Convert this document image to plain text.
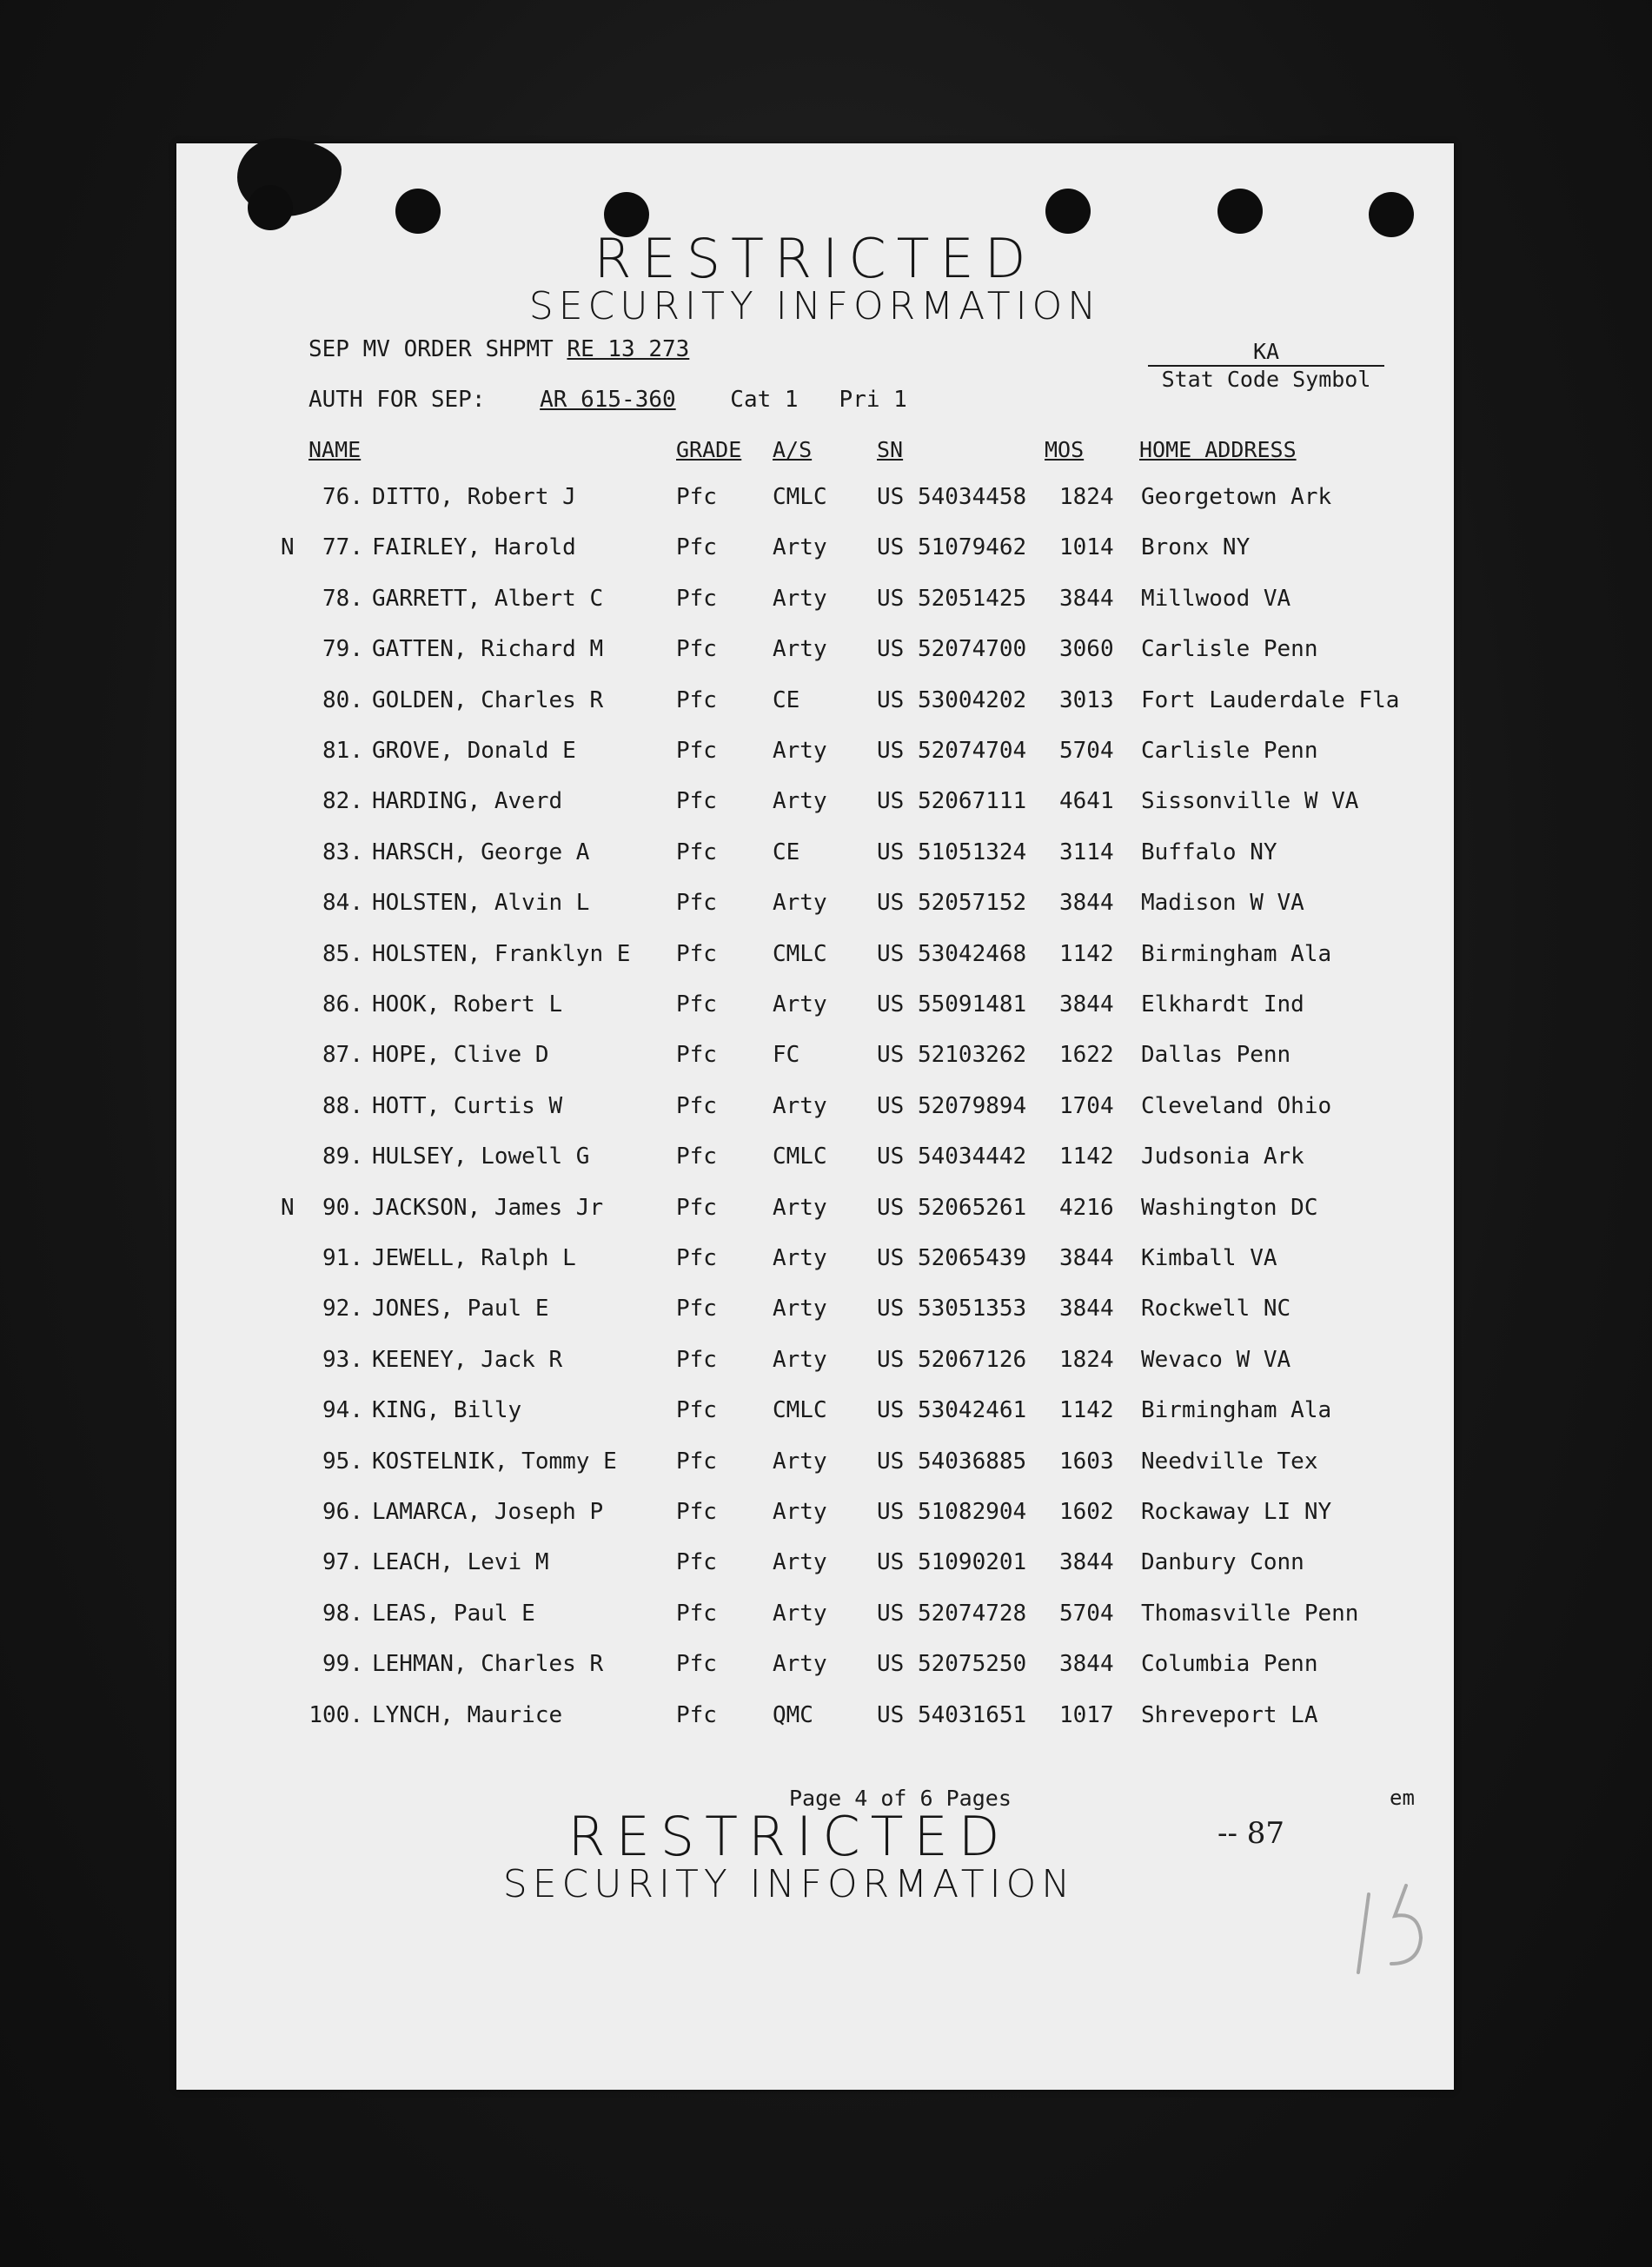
RESTRICTED
SECURITY INFORMATION
SEP MV ORDER SHPMT RE 13 273
AUTH FOR SEP: AR 615-360 Cat 1 Pri 1
KA
Stat Code Symbol
NAME	GRADE A/S	SN	MOS	HOME ADDRESS
76. DITTO, Robert J	Pfc CMLC US 54034458 1824 Georgetown Ark
N	77. FAIRLEY, Harold	Pfc Arty US 51079462 1014 Bronx NY
78. GARRETT, Albert C	Pfc Arty US 52051425 3844 Millwood VA
79. GATTEN, Richard M	Pfc Arty US 52074700 3060 Carlisle Penn
80. GOLDEN, Charles R	Pfc CE	US 53004202 3013 Fort Lauderdale Fla
81. GROVE, Donald E	Pfc Arty US 52074704 5704 Carlisle Penn
82. HARDING, Averd	Pfc Arty US 52067111 4641 Sissonville W VA
83. HARSCH, George A	Pfc CE	US 51051324 3114 Buffalo NY
84. HOLSTEN, Alvin L	Pfc Arty US 52057152 3844 Madison W VA
85. HOLSTEN, Franklyn E Pfc CMLC US 53042468 1142 Birmingham Ala
86. HOOK, Robert L	Pfc Arty US 55091481 3844 Elkhardt Ind
87. HOPE, Clive D	Pfc FC	US 52103262 1622 Dallas Penn
88. HOTT, Curtis W	Pfc Arty US 52079894 1704 Cleveland Ohio
89. HULSEY, Lowell G	Pfc CMLC US 54034442 1142 Judsonia Ark
N	90. JACKSON, James Jr	Pfc Arty US 52065261 4216 Washington DC
91. JEWELL, Ralph L	Pfc Arty US 52065439 3844 Kimball VA
92. JONES, Paul E	Pfc Arty US 53051353 3844 Rockwell NC
93. KEENEY, Jack R	Pfc Arty US 52067126 1824 Wevaco W VA
94. KING, Billy	Pfc CMLC US 53042461 1142 Birmingham Ala
95. KOSTELNIK, Tommy E	Pfc Arty US 54036885 1603 Needville Tex
96. LAMARCA, Joseph P	Pfc Arty US 51082904 1602 Rockaway LI NY
97. LEACH, Levi M	Pfc Arty US 51090201 3844 Danbury Conn
98. LEAS, Paul E	Pfc Arty US 52074728 5704 Thomasville Penn
99. LEHMAN, Charles R	Pfc Arty US 52075250 3844 Columbia Penn
100. LYNCH, Maurice	Pfc QMC	US 54031651 1017 Shreveport LA
Page 4 of 6 Pages	em
-- 87
RESTRICTED
SECURITY INFORMATION	15
